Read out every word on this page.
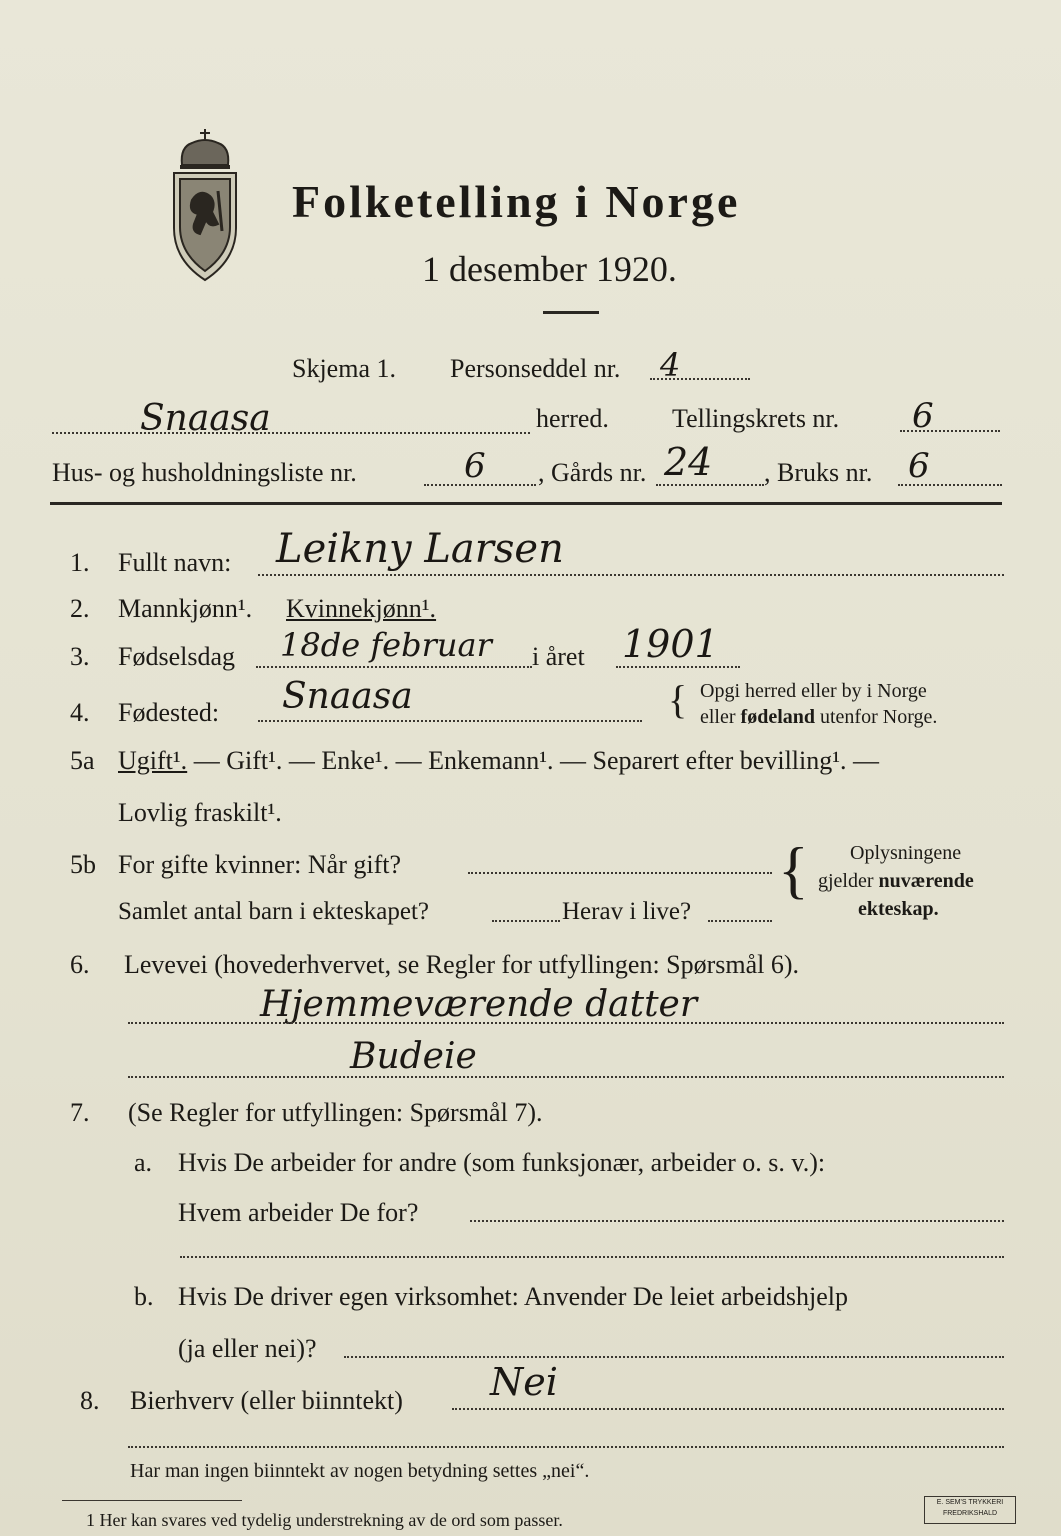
Folketelling i Norge
1 desember 1920.
Skjema 1. Personseddel nr. 4
Snaasa	herred. Tellingskrets nr. 6
Hus- og husholdningsliste nr.	6 , Gårds nr. 24 , Bruks nr. 6
1. Fullt navn: Leikny Larsen
2. Mannkjønn¹. Kvinnekjønn¹.
3. Fødselsdag 18de februar i året 1901
4. Fødested: Snaasa	{ Opgi herred eller by i Norge
eller fødeland utenfor Norge.
5a Ugift¹. — Gift¹. — Enke¹. — Enkemann¹. — Separert efter bevilling¹. —
Lovlig fraskilt¹.
5b For gifte kvinner: Når gift?
Samlet antal barn i ekteskapet?	Herav i live?
{ Oplysningene
gjelder nuværende
ekteskap.
6. Levevei (hovederhvervet, se Regler for utfyllingen: Spørsmål 6).
Hjemmeværende datter
Budeie
7. (Se Regler for utfyllingen: Spørsmål 7).
a. Hvis De arbeider for andre (som funksjonær, arbeider o. s. v.):
Hvem arbeider De for?
b. Hvis De driver egen virksomhet: Anvender De leiet arbeidshjelp
(ja eller nei)?
8. Bierhverv (eller biinntekt) Nei
Har man ingen biinntekt av nogen betydning settes „nei“.
1 Her kan svares ved tydelig understrekning av de ord som passer.
E. SEM'S TRYKKERI
FREDRIKSHALD
